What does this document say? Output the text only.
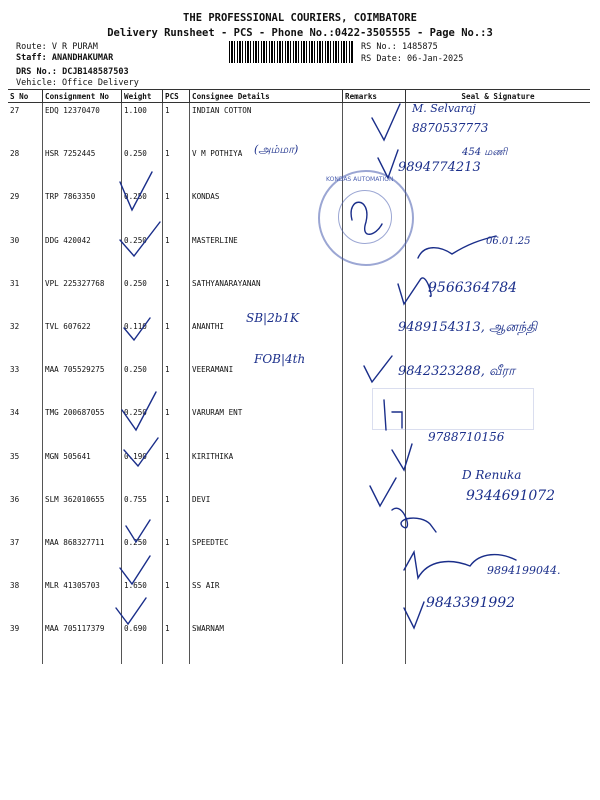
THE PROFESSIONAL COURIERS, COIMBATORE
Delivery Runsheet - PCS - Phone No.:0422-3505555 - Page No.:3
Route: V R PURAM
Staff: ANANDHAKUMAR
DRS No.: DCJB148587503
Vehicle: Office Delivery
RS No.: 1485875
RS Date: 06-Jan-2025
S No	Consignment No	Weight	PCS	Consignee Details	Remarks	Seal & Signature
27	EDQ 12370470	1.100	1	INDIAN COTTON		
28	HSR 7252445	0.250	1	V M POTHIYA		
29	TRP 7863350	0.250	1	KONDAS		
30	DDG 420042	0.250	1	MASTERLINE		
31	VPL 225327768	0.250	1	SATHYANARAYANAN		
32	TVL 607622	0.110	1	ANANTHI		
33	MAA 705529275	0.250	1	VEERAMANI		
34	TMG 200687055	0.250	1	VARURAM ENT		
35	MGN 505641	0.190	1	KIRITHIKA		
36	SLM 362010655	0.755	1	DEVI		
37	MAA 868327711	0.250	1	SPEEDTEC		
38	MLR 41305703	1.650	1	SS AIR		
39	MAA 705117379	0.690	1	SWARNAM		
M. Selvaraj
8870537773
(அம்மா)	454 மணி
9894774213
KONDAS AUTOMATION
06.01.25
9566364784
SB|2b1K
9489154313, ஆனந்தி
FOB|4th
9842323288, வீரா
9788710156
D Renuka
9344691072
9894199044.
9843391992
